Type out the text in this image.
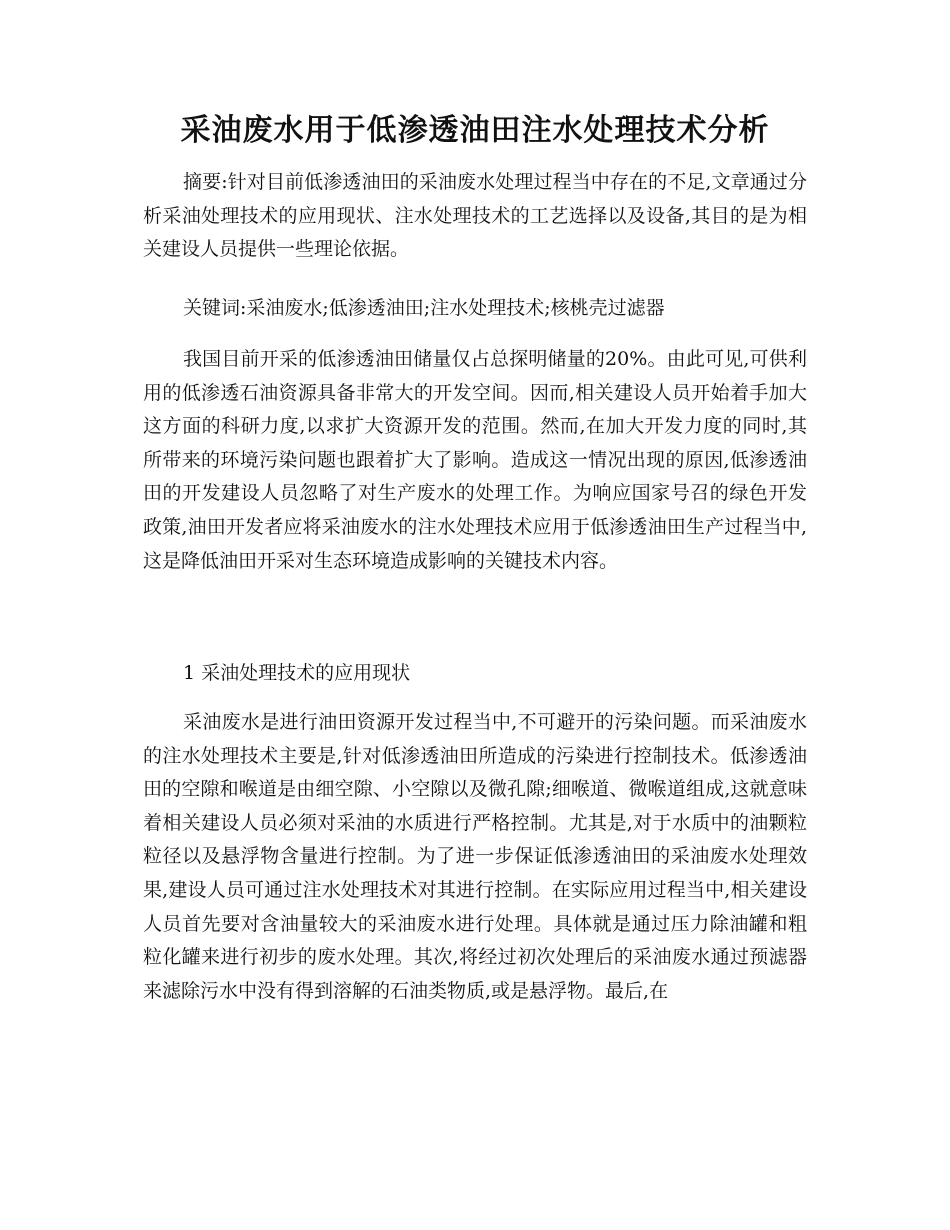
采油废水用于低渗透油田注水处理技术分析

摘要:针对目前低渗透油田的采油废水处理过程当中存在的不足,文章通过分析采油处理技术的应用现状、注水处理技术的工艺选择以及设备,其目的是为相关建设人员提供一些理论依据。

关键词:采油废水;低渗透油田;注水处理技术;核桃壳过滤器

我国目前开采的低渗透油田储量仅占总探明储量的20%。由此可见,可供利用的低渗透石油资源具备非常大的开发空间。因而,相关建设人员开始着手加大这方面的科研力度,以求扩大资源开发的范围。然而,在加大开发力度的同时,其所带来的环境污染问题也跟着扩大了影响。造成这一情况出现的原因,低渗透油田的开发建设人员忽略了对生产废水的处理工作。为响应国家号召的绿色开发政策,油田开发者应将采油废水的注水处理技术应用于低渗透油田生产过程当中,这是降低油田开采对生态环境造成影响的关键技术内容。

1 采油处理技术的应用现状

采油废水是进行油田资源开发过程当中,不可避开的污染问题。而采油废水的注水处理技术主要是,针对低渗透油田所造成的污染进行控制技术。低渗透油田的空隙和喉道是由细空隙、小空隙以及微孔隙;细喉道、微喉道组成,这就意味着相关建设人员必须对采油的水质进行严格控制。尤其是,对于水质中的油颗粒粒径以及悬浮物含量进行控制。为了进一步保证低渗透油田的采油废水处理效果,建设人员可通过注水处理技术对其进行控制。在实际应用过程当中,相关建设人员首先要对含油量较大的采油废水进行处理。具体就是通过压力除油罐和粗粒化罐来进行初步的废水处理。其次,将经过初次处理后的采油废水通过预滤器来滤除污水中没有得到溶解的石油类物质,或是悬浮物。最后,在
